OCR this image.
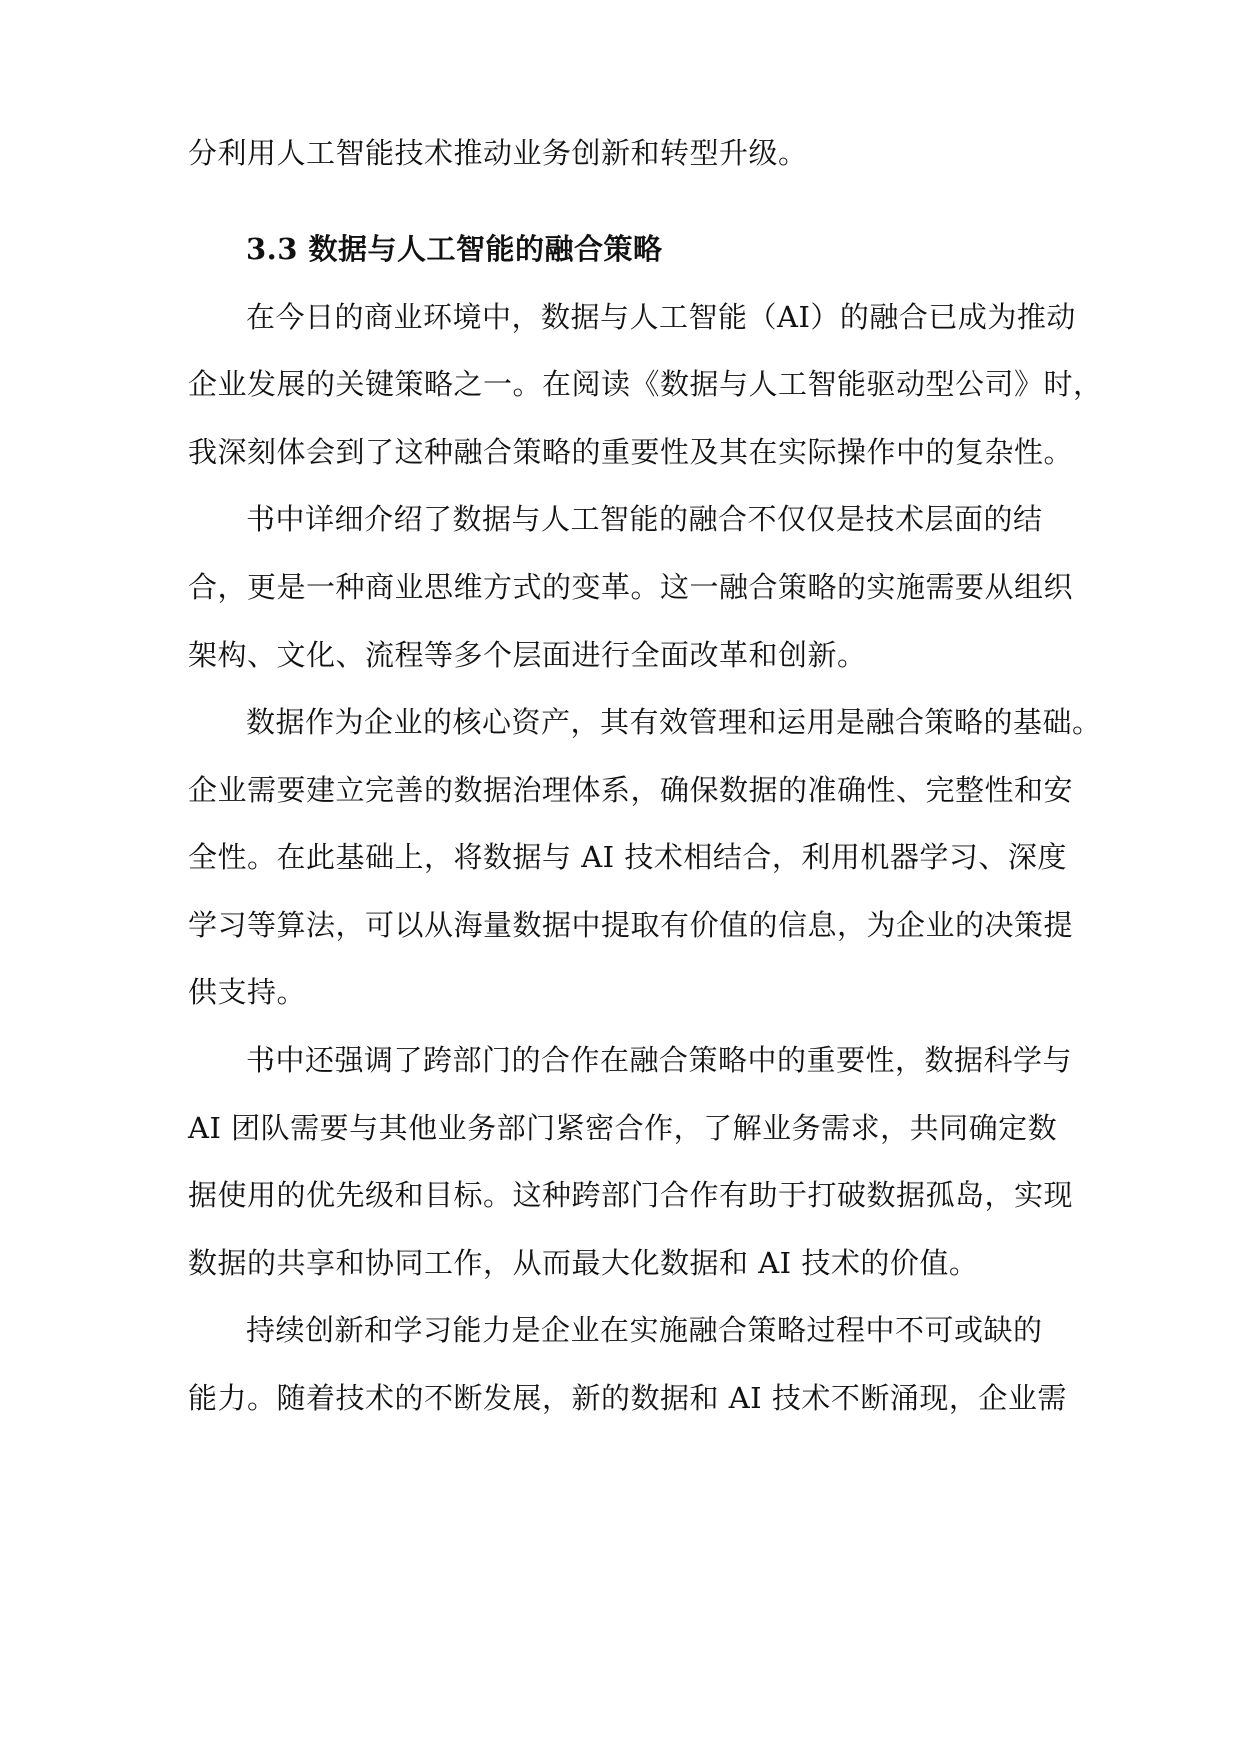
分利用人工智能技术推动业务创新和转型升级。
3.3 数据与人工智能的融合策略
在今日的商业环境中，数据与人工智能（AI）的融合已成为推动
企业发展的关键策略之一。在阅读《数据与人工智能驱动型公司》时，
我深刻体会到了这种融合策略的重要性及其在实际操作中的复杂性。
书中详细介绍了数据与人工智能的融合不仅仅是技术层面的结
合，更是一种商业思维方式的变革。这一融合策略的实施需要从组织
架构、文化、流程等多个层面进行全面改革和创新。
数据作为企业的核心资产，其有效管理和运用是融合策略的基础。
企业需要建立完善的数据治理体系，确保数据的准确性、完整性和安
全性。在此基础上，将数据与 AI 技术相结合，利用机器学习、深度
学习等算法，可以从海量数据中提取有价值的信息，为企业的决策提
供支持。
书中还强调了跨部门的合作在融合策略中的重要性，数据科学与
AI 团队需要与其他业务部门紧密合作，了解业务需求，共同确定数
据使用的优先级和目标。这种跨部门合作有助于打破数据孤岛，实现
数据的共享和协同工作，从而最大化数据和 AI 技术的价值。
持续创新和学习能力是企业在实施融合策略过程中不可或缺的
能力。随着技术的不断发展，新的数据和 AI 技术不断涌现，企业需
